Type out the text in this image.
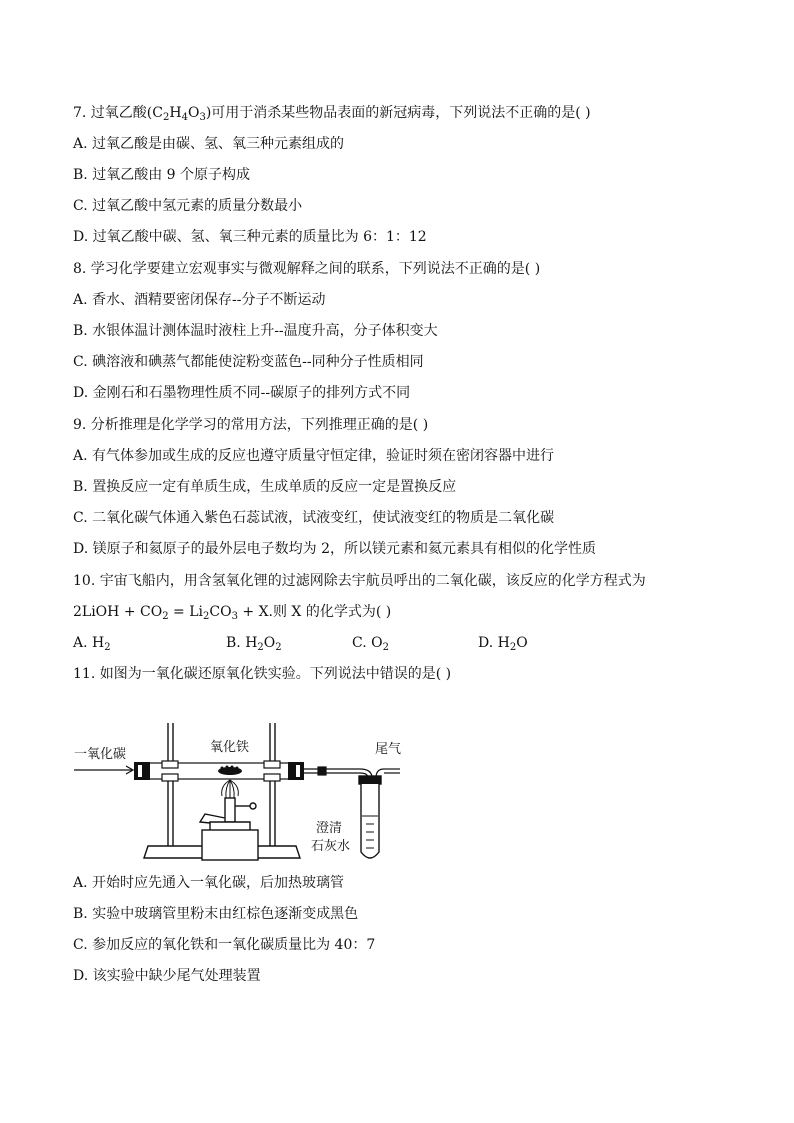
7. 过氧乙酸$(C_2H_4O_3)$可用于消杀某些物品表面的新冠病毒，下列说法不正确的是( )
A. 过氧乙酸是由碳、氢、氧三种元素组成的
B. 过氧乙酸由 9 个原子构成
C. 过氧乙酸中氢元素的质量分数最小
D. 过氧乙酸中碳、氢、氧三种元素的质量比为 6：1：12
8. 学习化学要建立宏观事实与微观解释之间的联系，下列说法不正确的是( )
A. 香水、酒精要密闭保存--分子不断运动
B. 水银体温计测体温时液柱上升--温度升高，分子体积变大
C. 碘溶液和碘蒸气都能使淀粉变蓝色--同种分子性质相同
D. 金刚石和石墨物理性质不同--碳原子的排列方式不同
9. 分析推理是化学学习的常用方法，下列推理正确的是( )
A. 有气体参加或生成的反应也遵守质量守恒定律，验证时须在密闭容器中进行
B. 置换反应一定有单质生成，生成单质的反应一定是置换反应
C. 二氧化碳气体通入紫色石蕊试液，试液变红，使试液变红的物质是二氧化碳
D. 镁原子和氦原子的最外层电子数均为 2，所以镁元素和氦元素具有相似的化学性质
10. 宇宙飞船内，用含氢氧化锂的过滤网除去宇航员呼出的二氧化碳，该反应的化学方程式为
2LiOH + $CO_2 = Li_2CO_3 + X$.则 X 的化学式为( )
A. $H_2$	B. $H_2O_2$	C. $O_2$	D. $H_2O$
11. 如图为一氧化碳还原氧化铁实验。下列说法中错误的是( )
一氧化碳	氧化铁	尾气
澄清
石灰水
A. 开始时应先通入一氧化碳，后加热玻璃管
B. 实验中玻璃管里粉末由红棕色逐渐变成黑色
C. 参加反应的氧化铁和一氧化碳质量比为 40：7
D. 该实验中缺少尾气处理装置
